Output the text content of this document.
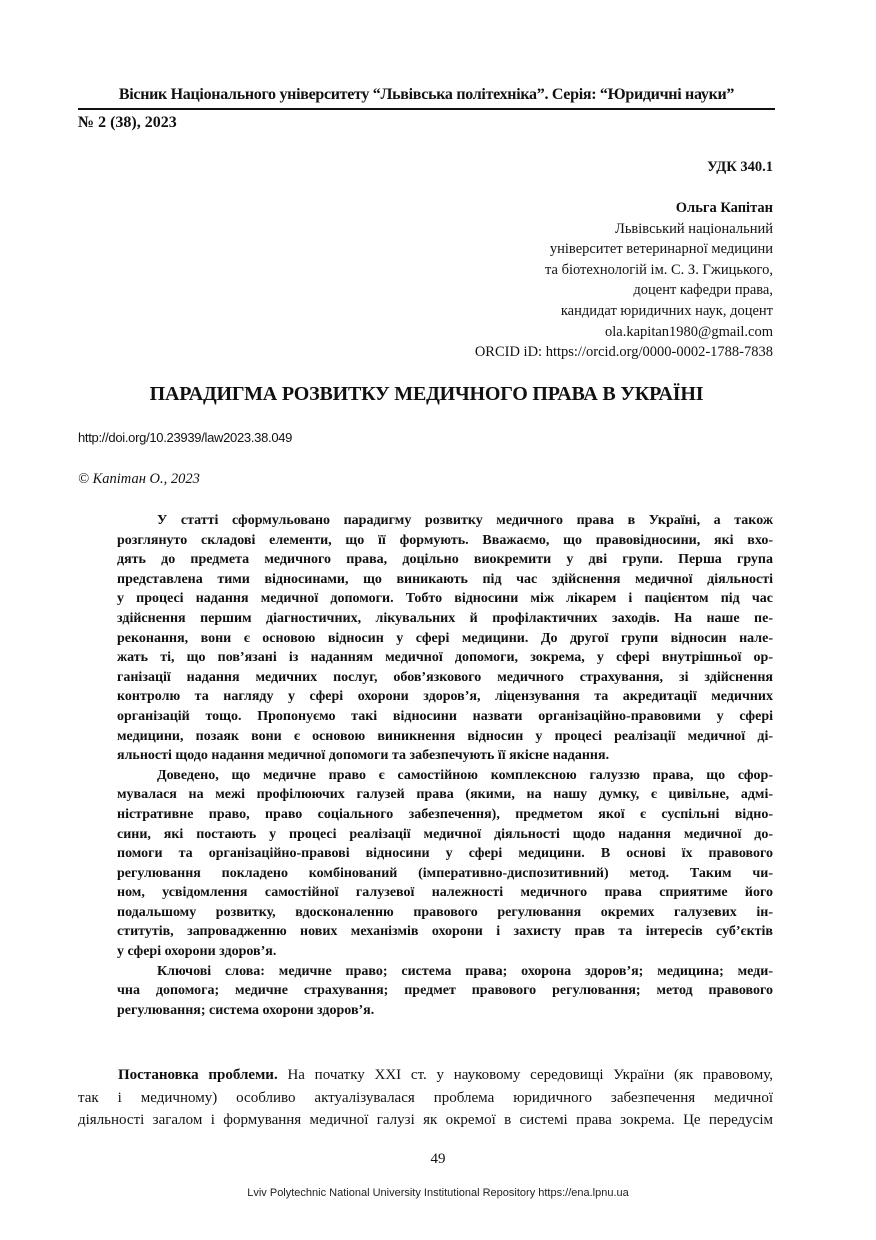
Вісник Національного університету “Львівська політехніка”. Серія: “Юридичні науки”
№ 2 (38), 2023
УДК 340.1
Ольга Капітан
Львівський національний
університет ветеринарної медицини
та біотехнологій ім. С. З. Гжицького,
доцент кафедри права,
кандидат юридичних наук, доцент
ola.kapitan1980@gmail.com
ORCID iD: https://orcid.org/0000-0002-1788-7838
ПАРАДИГМА РОЗВИТКУ МЕДИЧНОГО ПРАВА В УКРАЇНІ
http://doi.org/10.23939/law2023.38.049
© Капітан О., 2023
У статті сформульовано парадигму розвитку медичного права в Україні, а також
розглянуто складові елементи, що її формують. Вважаємо, що правовідносини, які вхо-
дять до предмета медичного права, доцільно виокремити у дві групи. Перша група
представлена тими відносинами, що виникають під час здійснення медичної діяльності
у процесі надання медичної допомоги. Тобто відносини між лікарем і пацієнтом під час
здійснення першим діагностичних, лікувальних й профілактичних заходів. На наше пе-
реконання, вони є основою відносин у сфері медицини. До другої групи відносин нале-
жать ті, що пов’язані із наданням медичної допомоги, зокрема, у сфері внутрішньої ор-
ганізації надання медичних послуг, обов’язкового медичного страхування, зі здійснення
контролю та нагляду у сфері охорони здоров’я, ліцензування та акредитації медичних
організацій тощо. Пропонуємо такі відносини назвати організаційно-правовими у сфері
медицини, позаяк вони є основою виникнення відносин у процесі реалізації медичної ді-
яльності щодо надання медичної допомоги та забезпечують її якісне надання.
Доведено, що медичне право є самостійною комплексною галуззю права, що сфор-
мувалася на межі профілюючих галузей права (якими, на нашу думку, є цивільне, адмі-
ністративне право, право соціального забезпечення), предметом якої є суспільні відно-
сини, які постають у процесі реалізації медичної діяльності щодо надання медичної до-
помоги та організаційно-правові відносини у сфері медицини. В основі їх правового
регулювання покладено комбінований (імперативно-диспозитивний) метод. Таким чи-
ном, усвідомлення самостійної галузевої належності медичного права сприятиме його
подальшому розвитку, вдосконаленню правового регулювання окремих галузевих ін-
ститутів, запровадженню нових механізмів охорони і захисту прав та інтересів суб’єктів
у сфері охорони здоров’я.
Ключові слова: медичне право; система права; охорона здоров’я; медицина; меди-
чна допомога; медичне страхування; предмет правового регулювання; метод правового
регулювання; система охорони здоров’я.
Постановка проблеми. На початку ХХІ ст. у науковому середовищі України (як правовому,
так і медичному) особливо актуалізувалася проблема юридичного забезпечення медичної
діяльності загалом і формування медичної галузі як окремої в системі права зокрема. Це передусім
49
Lviv Polytechnic National University Institutional Repository https://ena.lpnu.ua
